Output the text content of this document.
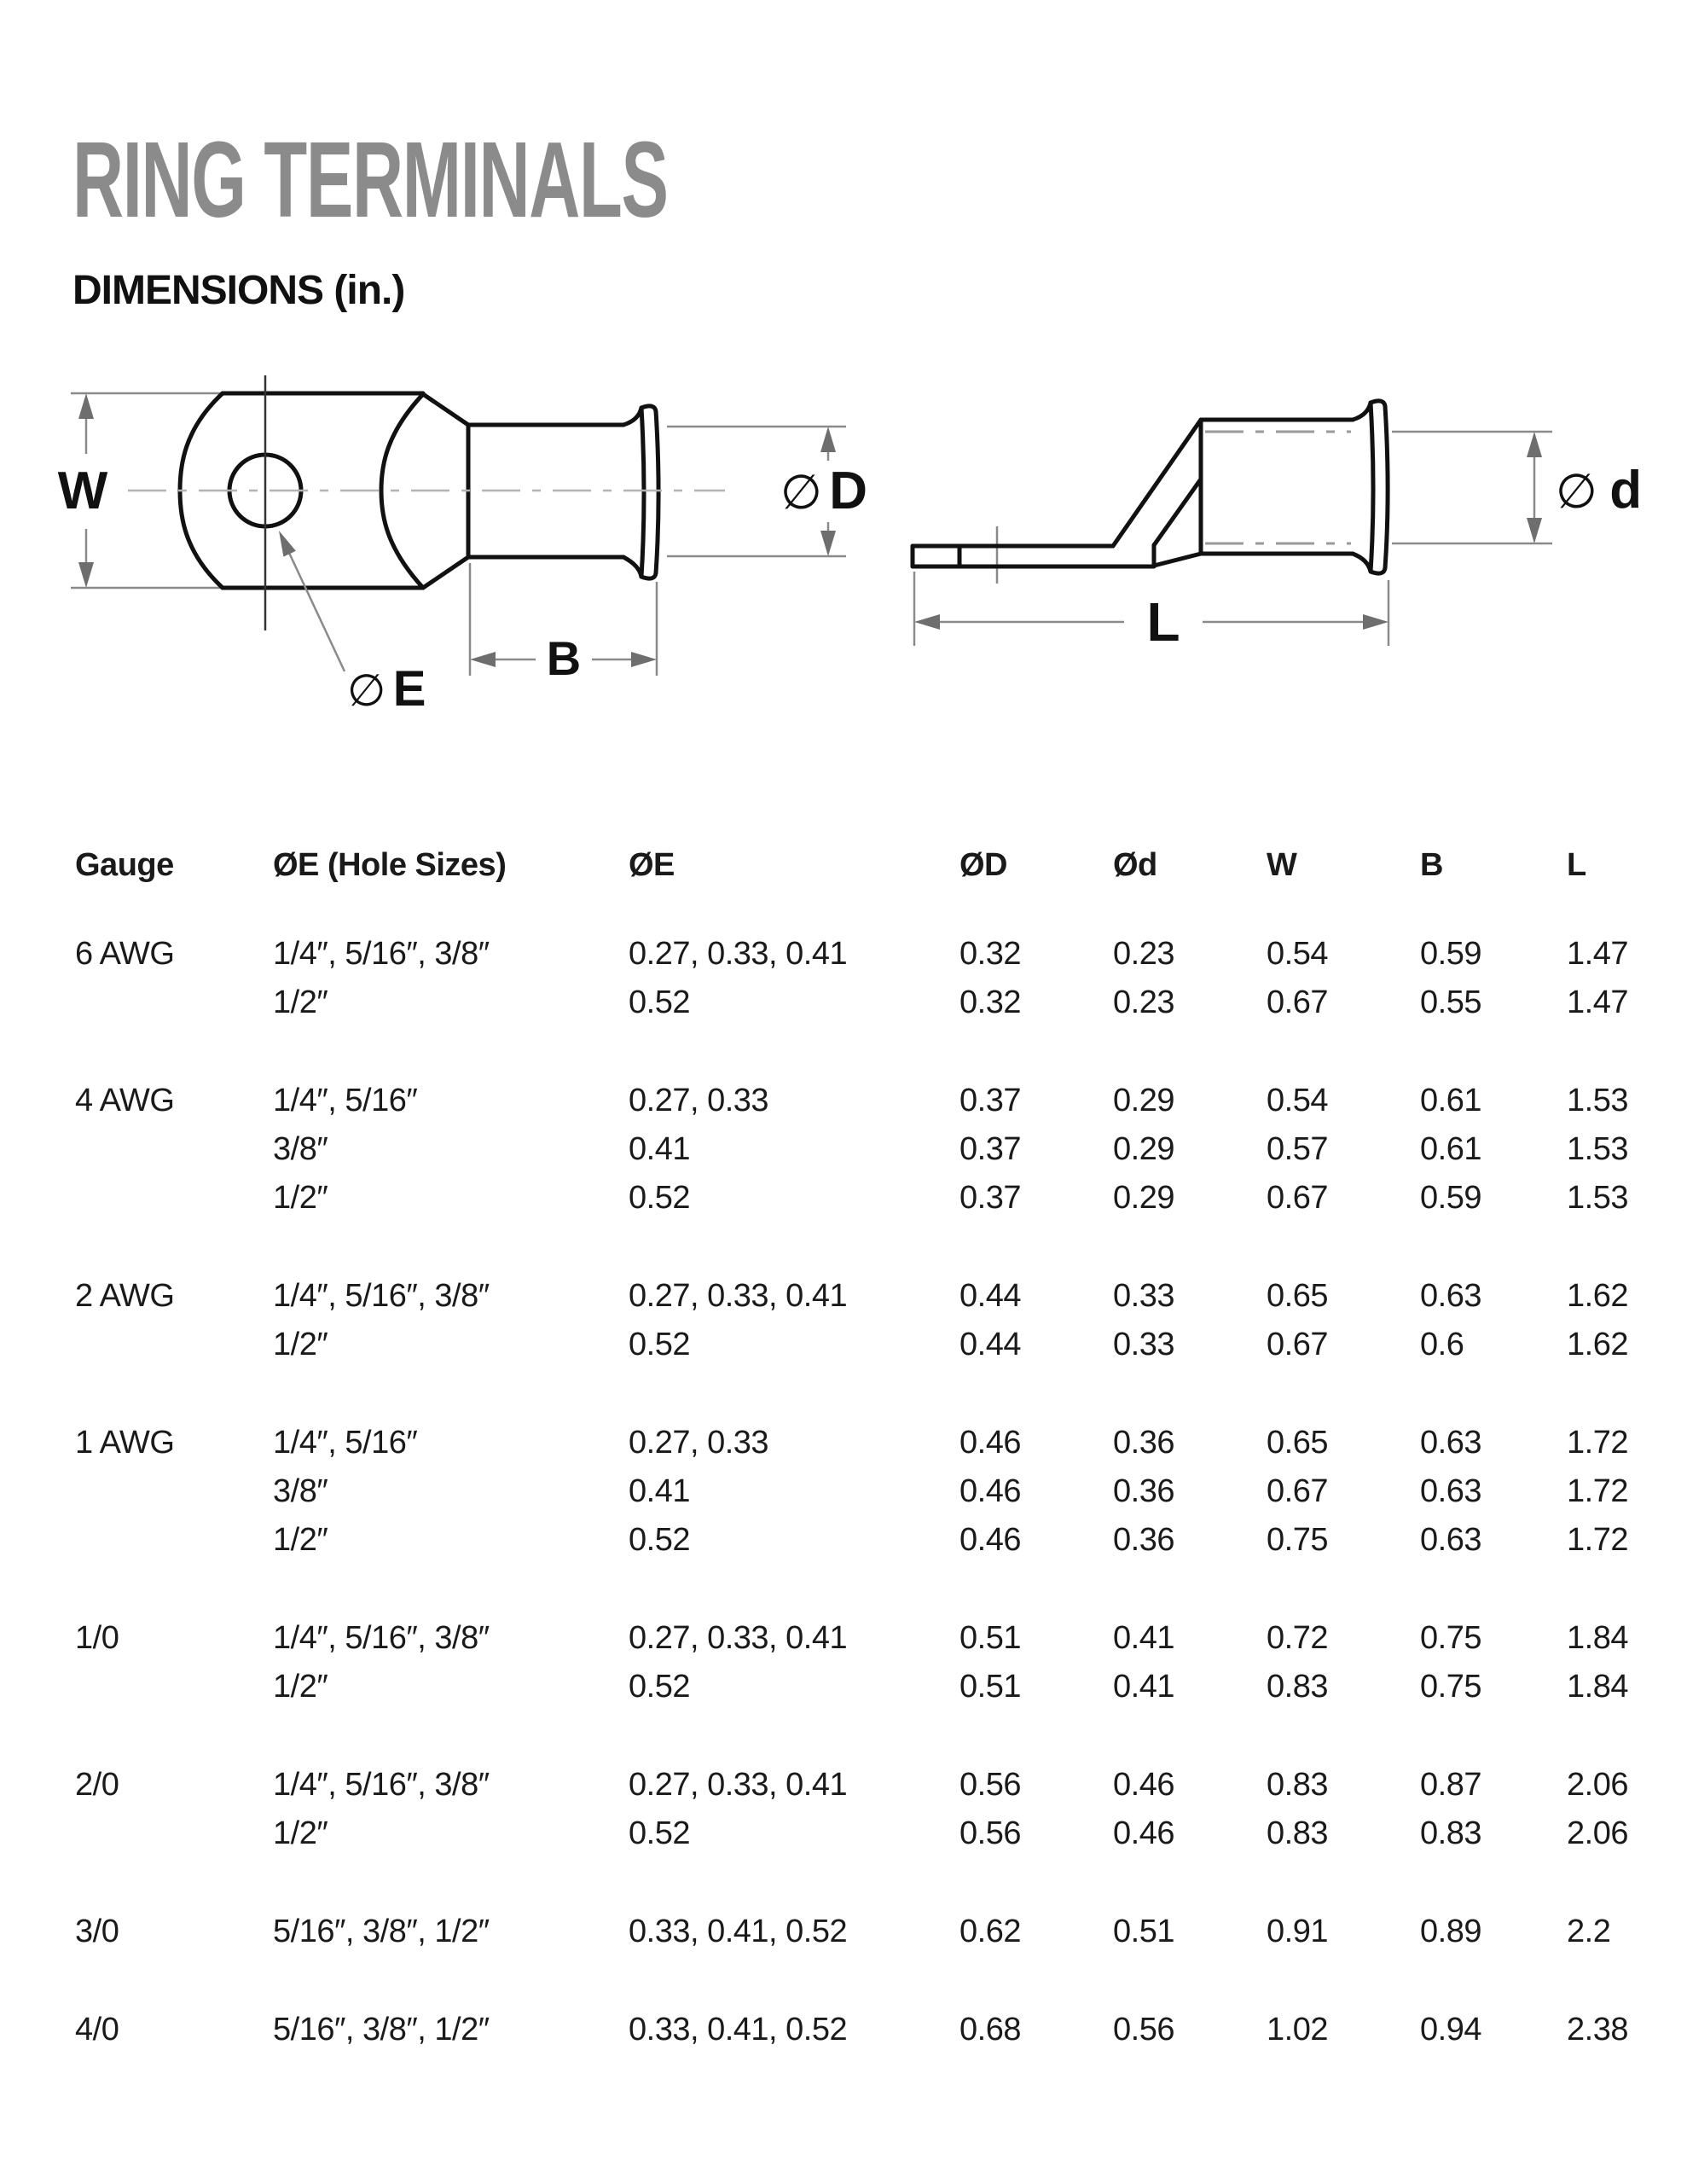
RING TERMINALS
DIMENSIONS (in.)
W	∅ D
B
∅ E
∅ d
L
Gauge	ØE (Hole Sizes)	ØE	ØD	Ød	W	B	L
6 AWG	1/4″, 5/16″, 3/8″	0.27, 0.33, 0.41	0.32	0.23	0.54	0.59	1.47
1/2″	0.52	0.32	0.23	0.67	0.55	1.47
4 AWG	1/4″, 5/16″	0.27, 0.33	0.37	0.29	0.54	0.61	1.53
3/8″	0.41	0.37	0.29	0.57	0.61	1.53
1/2″	0.52	0.37	0.29	0.67	0.59	1.53
2 AWG	1/4″, 5/16″, 3/8″	0.27, 0.33, 0.41	0.44	0.33	0.65	0.63	1.62
1/2″	0.52	0.44	0.33	0.67	0.6	1.62
1 AWG	1/4″, 5/16″	0.27, 0.33	0.46	0.36	0.65	0.63	1.72
3/8″	0.41	0.46	0.36	0.67	0.63	1.72
1/2″	0.52	0.46	0.36	0.75	0.63	1.72
1/0	1/4″, 5/16″, 3/8″	0.27, 0.33, 0.41	0.51	0.41	0.72	0.75	1.84
1/2″	0.52	0.51	0.41	0.83	0.75	1.84
2/0	1/4″, 5/16″, 3/8″	0.27, 0.33, 0.41	0.56	0.46	0.83	0.87	2.06
1/2″	0.52	0.56	0.46	0.83	0.83	2.06
3/0	5/16″, 3/8″, 1/2″	0.33, 0.41, 0.52	0.62	0.51	0.91	0.89	2.2
4/0	5/16″, 3/8″, 1/2″	0.33, 0.41, 0.52	0.68	0.56	1.02	0.94	2.38
